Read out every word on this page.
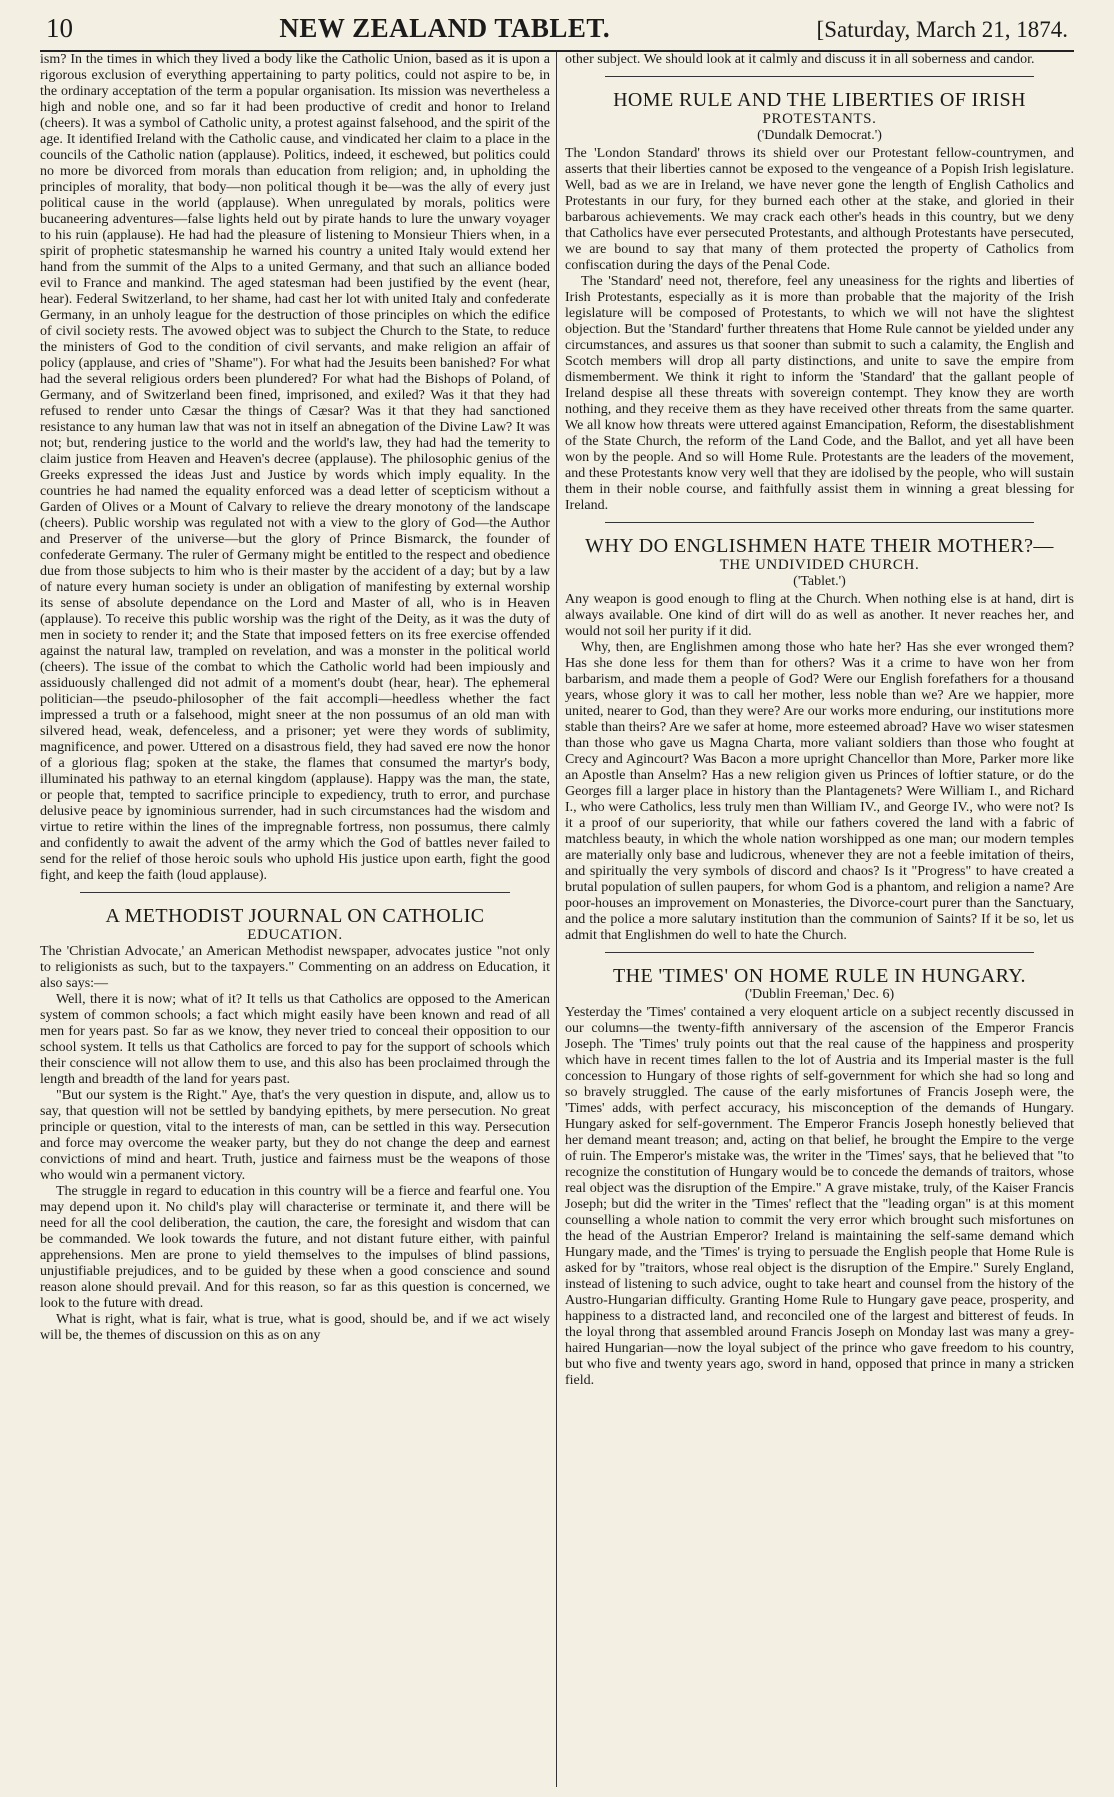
10	NEW ZEALAND TABLET.	[Saturday, March 21, 1874.

ism? In the times in which they lived a body like the Catholic Union, based as it is upon a rigorous exclusion of everything appertaining to party politics, could not aspire to be, in the ordinary acceptation of the term a popular organisation. Its mission was nevertheless a high and noble one, and so far it had been productive of credit and honor to Ireland (cheers). It was a symbol of Catholic unity, a protest against falsehood, and the spirit of the age. It identified Ireland with the Catholic cause, and vindicated her claim to a place in the councils of the Catholic nation (applause). Politics, indeed, it eschewed, but politics could no more be divorced from morals than education from religion; and, in upholding the principles of morality, that body—non political though it be—was the ally of every just political cause in the world (applause). When unregulated by morals, politics were bucaneering adventures—false lights held out by pirate hands to lure the unwary voyager to his ruin (applause). He had had the pleasure of listening to Monsieur Thiers when, in a spirit of prophetic statesmanship he warned his country a united Italy would extend her hand from the summit of the Alps to a united Germany, and that such an alliance boded evil to France and mankind. The aged statesman had been justified by the event (hear, hear). Federal Switzerland, to her shame, had cast her lot with united Italy and confederate Germany, in an unholy league for the destruction of those principles on which the edifice of civil society rests. The avowed object was to subject the Church to the State, to reduce the ministers of God to the condition of civil servants, and make religion an affair of policy (applause, and cries of "Shame"). For what had the Jesuits been banished? For what had the several religious orders been plundered? For what had the Bishops of Poland, of Germany, and of Switzerland been fined, imprisoned, and exiled? Was it that they had refused to render unto Cæsar the things of Cæsar? Was it that they had sanctioned resistance to any human law that was not in itself an abnegation of the Divine Law? It was not; but, rendering justice to the world and the world's law, they had had the temerity to claim justice from Heaven and Heaven's decree (applause). The philosophic genius of the Greeks expressed the ideas Just and Justice by words which imply equality. In the countries he had named the equality enforced was a dead letter of scepticism without a Garden of Olives or a Mount of Calvary to relieve the dreary monotony of the landscape (cheers). Public worship was regulated not with a view to the glory of God—the Author and Preserver of the universe—but the glory of Prince Bismarck, the founder of confederate Germany. The ruler of Germany might be entitled to the respect and obedience due from those subjects to him who is their master by the accident of a day; but by a law of nature every human society is under an obligation of manifesting by external worship its sense of absolute dependance on the Lord and Master of all, who is in Heaven (applause). To receive this public worship was the right of the Deity, as it was the duty of men in society to render it; and the State that imposed fetters on its free exercise offended against the natural law, trampled on revelation, and was a monster in the political world (cheers). The issue of the combat to which the Catholic world had been impiously and assiduously challenged did not admit of a moment's doubt (hear, hear). The ephemeral politician—the pseudo-philosopher of the fait accompli—heedless whether the fact impressed a truth or a falsehood, might sneer at the non possumus of an old man with silvered head, weak, defenceless, and a prisoner; yet were they words of sublimity, magnificence, and power. Uttered on a disastrous field, they had saved ere now the honor of a glorious flag; spoken at the stake, the flames that consumed the martyr's body, illuminated his pathway to an eternal kingdom (applause). Happy was the man, the state, or people that, tempted to sacrifice principle to expediency, truth to error, and purchase delusive peace by ignominious surrender, had in such circumstances had the wisdom and virtue to retire within the lines of the impregnable fortress, non possumus, there calmly and confidently to await the advent of the army which the God of battles never failed to send for the relief of those heroic souls who uphold His justice upon earth, fight the good fight, and keep the faith (loud applause).

A METHODIST JOURNAL ON CATHOLIC
EDUCATION.

The 'Christian Advocate,' an American Methodist newspaper, advocates justice "not only to religionists as such, but to the taxpayers." Commenting on an address on Education, it also says:—

Well, there it is now; what of it? It tells us that Catholics are opposed to the American system of common schools; a fact which might easily have been known and read of all men for years past. So far as we know, they never tried to conceal their opposition to our school system. It tells us that Catholics are forced to pay for the support of schools which their conscience will not allow them to use, and this also has been proclaimed through the length and breadth of the land for years past.

"But our system is the Right." Aye, that's the very question in dispute, and, allow us to say, that question will not be settled by bandying epithets, by mere persecution. No great principle or question, vital to the interests of man, can be settled in this way. Persecution and force may overcome the weaker party, but they do not change the deep and earnest convictions of mind and heart. Truth, justice and fairness must be the weapons of those who would win a permanent victory.

The struggle in regard to education in this country will be a fierce and fearful one. You may depend upon it. No child's play will characterise or terminate it, and there will be need for all the cool deliberation, the caution, the care, the foresight and wisdom that can be commanded. We look towards the future, and not distant future either, with painful apprehensions. Men are prone to yield themselves to the impulses of blind passions, unjustifiable prejudices, and to be guided by these when a good conscience and sound reason alone should prevail. And for this reason, so far as this question is concerned, we look to the future with dread.

What is right, what is fair, what is true, what is good, should be, and if we act wisely will be, the themes of discussion on this as on any

other subject. We should look at it calmly and discuss it in all soberness and candor.

HOME RULE AND THE LIBERTIES OF IRISH
PROTESTANTS.
('Dundalk Democrat.')

The 'London Standard' throws its shield over our Protestant fellow-countrymen, and asserts that their liberties cannot be exposed to the vengeance of a Popish Irish legislature. Well, bad as we are in Ireland, we have never gone the length of English Catholics and Protestants in our fury, for they burned each other at the stake, and gloried in their barbarous achievements. We may crack each other's heads in this country, but we deny that Catholics have ever persecuted Protestants, and although Protestants have persecuted, we are bound to say that many of them protected the property of Catholics from confiscation during the days of the Penal Code.

The 'Standard' need not, therefore, feel any uneasiness for the rights and liberties of Irish Protestants, especially as it is more than probable that the majority of the Irish legislature will be composed of Protestants, to which we will not have the slightest objection. But the 'Standard' further threatens that Home Rule cannot be yielded under any circumstances, and assures us that sooner than submit to such a calamity, the English and Scotch members will drop all party distinctions, and unite to save the empire from dismemberment. We think it right to inform the 'Standard' that the gallant people of Ireland despise all these threats with sovereign contempt. They know they are worth nothing, and they receive them as they have received other threats from the same quarter. We all know how threats were uttered against Emancipation, Reform, the disestablishment of the State Church, the reform of the Land Code, and the Ballot, and yet all have been won by the people. And so will Home Rule. Protestants are the leaders of the movement, and these Protestants know very well that they are idolised by the people, who will sustain them in their noble course, and faithfully assist them in winning a great blessing for Ireland.

WHY DO ENGLISHMEN HATE THEIR MOTHER?—
THE UNDIVIDED CHURCH.
('Tablet.')

Any weapon is good enough to fling at the Church. When nothing else is at hand, dirt is always available. One kind of dirt will do as well as another. It never reaches her, and would not soil her purity if it did.

Why, then, are Englishmen among those who hate her? Has she ever wronged them? Has she done less for them than for others? Was it a crime to have won her from barbarism, and made them a people of God? Were our English forefathers for a thousand years, whose glory it was to call her mother, less noble than we? Are we happier, more united, nearer to God, than they were? Are our works more enduring, our institutions more stable than theirs? Are we safer at home, more esteemed abroad? Have wo wiser statesmen than those who gave us Magna Charta, more valiant soldiers than those who fought at Crecy and Agincourt? Was Bacon a more upright Chancellor than More, Parker more like an Apostle than Anselm? Has a new religion given us Princes of loftier stature, or do the Georges fill a larger place in history than the Plantagenets? Were William I., and Richard I., who were Catholics, less truly men than William IV., and George IV., who were not? Is it a proof of our superiority, that while our fathers covered the land with a fabric of matchless beauty, in which the whole nation worshipped as one man; our modern temples are materially only base and ludicrous, whenever they are not a feeble imitation of theirs, and spiritually the very symbols of discord and chaos? Is it "Progress" to have created a brutal population of sullen paupers, for whom God is a phantom, and religion a name? Are poor-houses an improvement on Monasteries, the Divorce-court purer than the Sanctuary, and the police a more salutary institution than the communion of Saints? If it be so, let us admit that Englishmen do well to hate the Church.

THE 'TIMES' ON HOME RULE IN HUNGARY.
('Dublin Freeman,' Dec. 6)

Yesterday the 'Times' contained a very eloquent article on a subject recently discussed in our columns—the twenty-fifth anniversary of the ascension of the Emperor Francis Joseph. The 'Times' truly points out that the real cause of the happiness and prosperity which have in recent times fallen to the lot of Austria and its Imperial master is the full concession to Hungary of those rights of self-government for which she had so long and so bravely struggled. The cause of the early misfortunes of Francis Joseph were, the 'Times' adds, with perfect accuracy, his misconception of the demands of Hungary. Hungary asked for self-government. The Emperor Francis Joseph honestly believed that her demand meant treason; and, acting on that belief, he brought the Empire to the verge of ruin. The Emperor's mistake was, the writer in the 'Times' says, that he believed that "to recognize the constitution of Hungary would be to concede the demands of traitors, whose real object was the disruption of the Empire." A grave mistake, truly, of the Kaiser Francis Joseph; but did the writer in the 'Times' reflect that the "leading organ" is at this moment counselling a whole nation to commit the very error which brought such misfortunes on the head of the Austrian Emperor? Ireland is maintaining the self-same demand which Hungary made, and the 'Times' is trying to persuade the English people that Home Rule is asked for by "traitors, whose real object is the disruption of the Empire." Surely England, instead of listening to such advice, ought to take heart and counsel from the history of the Austro-Hungarian difficulty. Granting Home Rule to Hungary gave peace, prosperity, and happiness to a distracted land, and reconciled one of the largest and bitterest of feuds. In the loyal throng that assembled around Francis Joseph on Monday last was many a grey-haired Hungarian—now the loyal subject of the prince who gave freedom to his country, but who five and twenty years ago, sword in hand, opposed that prince in many a stricken field.
